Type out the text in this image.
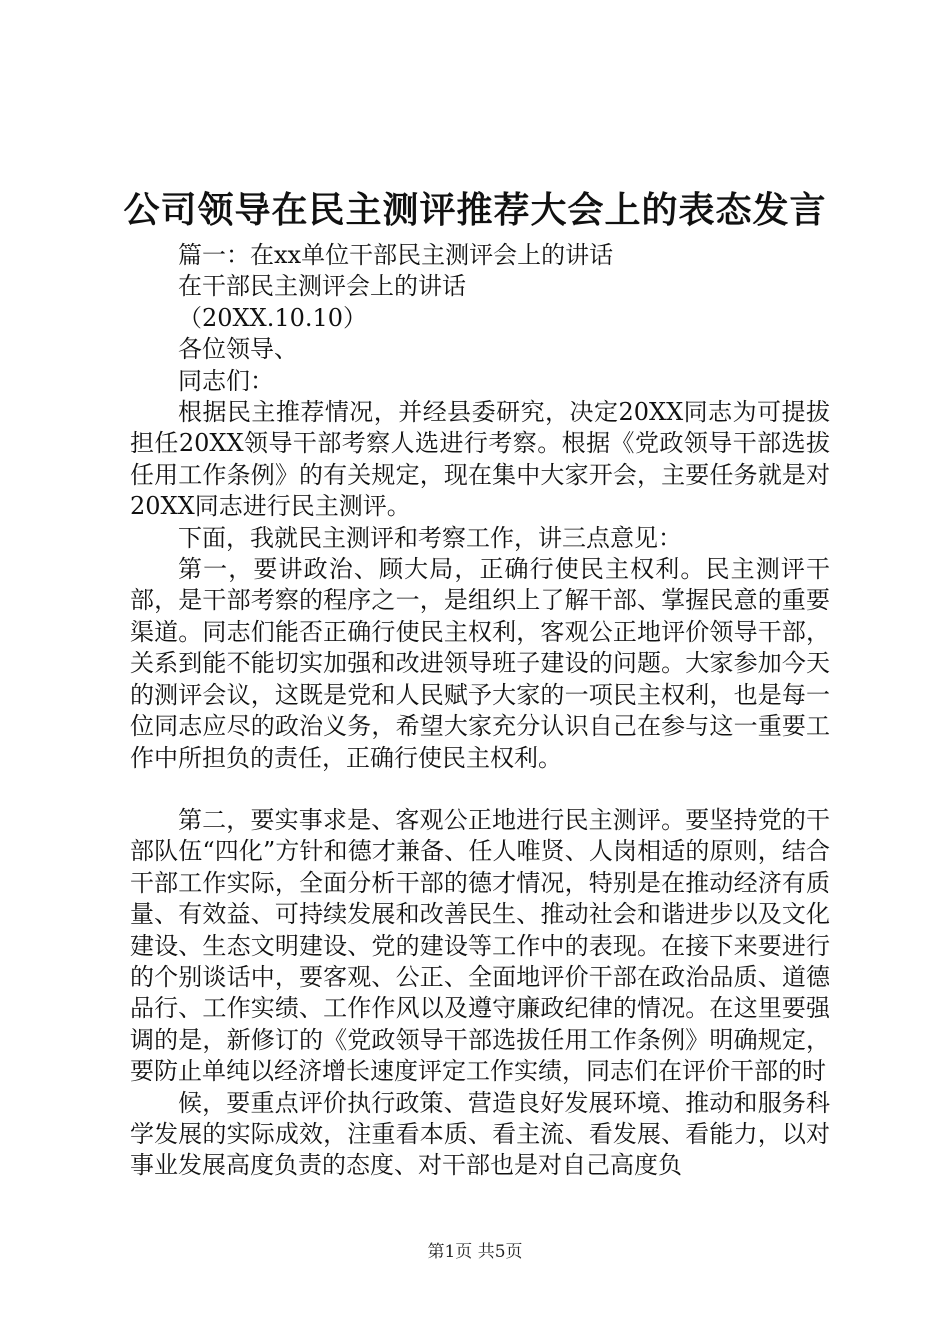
公司领导在民主测评推荐大会上的表态发言

篇一：在xx单位干部民主测评会上的讲话

在干部民主测评会上的讲话

（20XX.10.10）

各位领导、

同志们：

根据民主推荐情况，并经县委研究，决定20XX同志为可提拔担任20XX领导干部考察人选进行考察。根据《党政领导干部选拔任用工作条例》的有关规定，现在集中大家开会，主要任务就是对20XX同志进行民主测评。

下面，我就民主测评和考察工作，讲三点意见：

第一，要讲政治、顾大局，正确行使民主权利。民主测评干部，是干部考察的程序之一，是组织上了解干部、掌握民意的重要渠道。同志们能否正确行使民主权利，客观公正地评价领导干部，关系到能不能切实加强和改进领导班子建设的问题。大家参加今天的测评会议，这既是党和人民赋予大家的一项民主权利，也是每一位同志应尽的政治义务，希望大家充分认识自己在参与这一重要工作中所担负的责任，正确行使民主权利。

第二，要实事求是、客观公正地进行民主测评。要坚持党的干部队伍“四化”方针和德才兼备、任人唯贤、人岗相适的原则，结合干部工作实际，全面分析干部的德才情况，特别是在推动经济有质量、有效益、可持续发展和改善民生、推动社会和谐进步以及文化建设、生态文明建设、党的建设等工作中的表现。在接下来要进行的个别谈话中，要客观、公正、全面地评价干部在政治品质、道德品行、工作实绩、工作作风以及遵守廉政纪律的情况。在这里要强调的是，新修订的《党政领导干部选拔任用工作条例》明确规定，要防止单纯以经济增长速度评定工作实绩，同志们在评价干部的时

候，要重点评价执行政策、营造良好发展环境、推动和服务科学发展的实际成效，注重看本质、看主流、看发展、看能力，以对事业发展高度负责的态度、对干部也是对自己高度负

第1页 共5页
